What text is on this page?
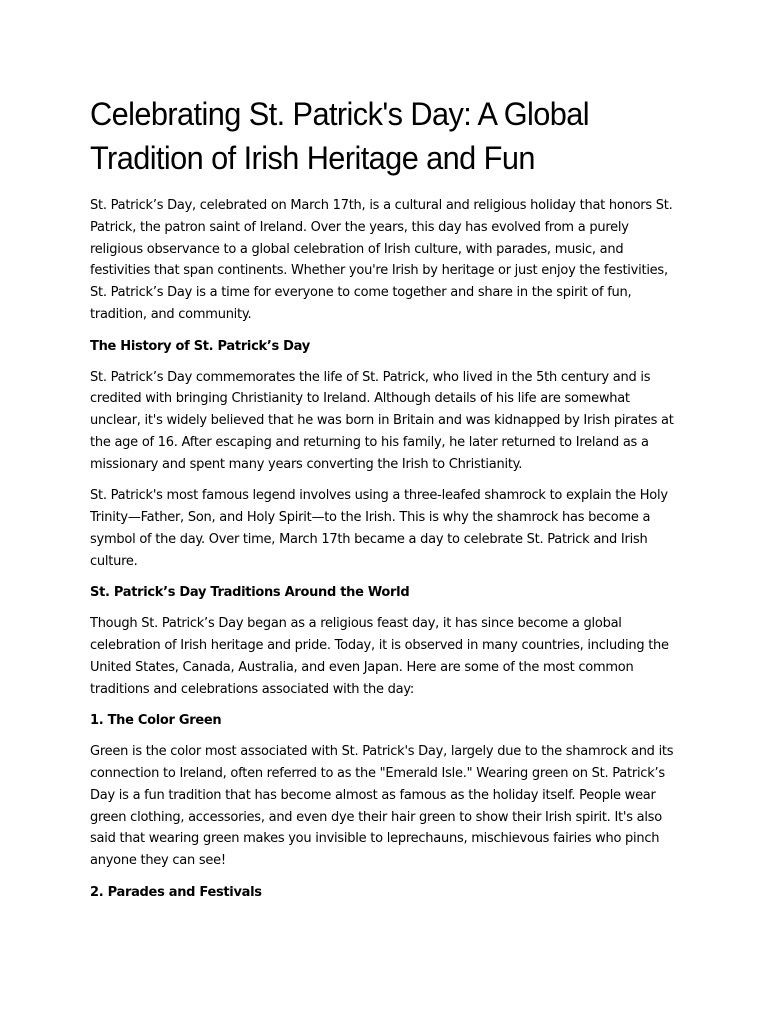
Celebrating St. Patrick's Day: A Global Tradition of Irish Heritage and Fun

St. Patrick’s Day, celebrated on March 17th, is a cultural and religious holiday that honors St. Patrick, the patron saint of Ireland. Over the years, this day has evolved from a purely religious observance to a global celebration of Irish culture, with parades, music, and festivities that span continents. Whether you're Irish by heritage or just enjoy the festivities, St. Patrick’s Day is a time for everyone to come together and share in the spirit of fun, tradition, and community.

The History of St. Patrick’s Day

St. Patrick’s Day commemorates the life of St. Patrick, who lived in the 5th century and is credited with bringing Christianity to Ireland. Although details of his life are somewhat unclear, it's widely believed that he was born in Britain and was kidnapped by Irish pirates at the age of 16. After escaping and returning to his family, he later returned to Ireland as a missionary and spent many years converting the Irish to Christianity.

St. Patrick's most famous legend involves using a three-leafed shamrock to explain the Holy Trinity—Father, Son, and Holy Spirit—to the Irish. This is why the shamrock has become a symbol of the day. Over time, March 17th became a day to celebrate St. Patrick and Irish culture.

St. Patrick’s Day Traditions Around the World

Though St. Patrick’s Day began as a religious feast day, it has since become a global celebration of Irish heritage and pride. Today, it is observed in many countries, including the United States, Canada, Australia, and even Japan. Here are some of the most common traditions and celebrations associated with the day:

1. The Color Green

Green is the color most associated with St. Patrick's Day, largely due to the shamrock and its connection to Ireland, often referred to as the "Emerald Isle." Wearing green on St. Patrick’s Day is a fun tradition that has become almost as famous as the holiday itself. People wear green clothing, accessories, and even dye their hair green to show their Irish spirit. It's also said that wearing green makes you invisible to leprechauns, mischievous fairies who pinch anyone they can see!

2. Parades and Festivals
